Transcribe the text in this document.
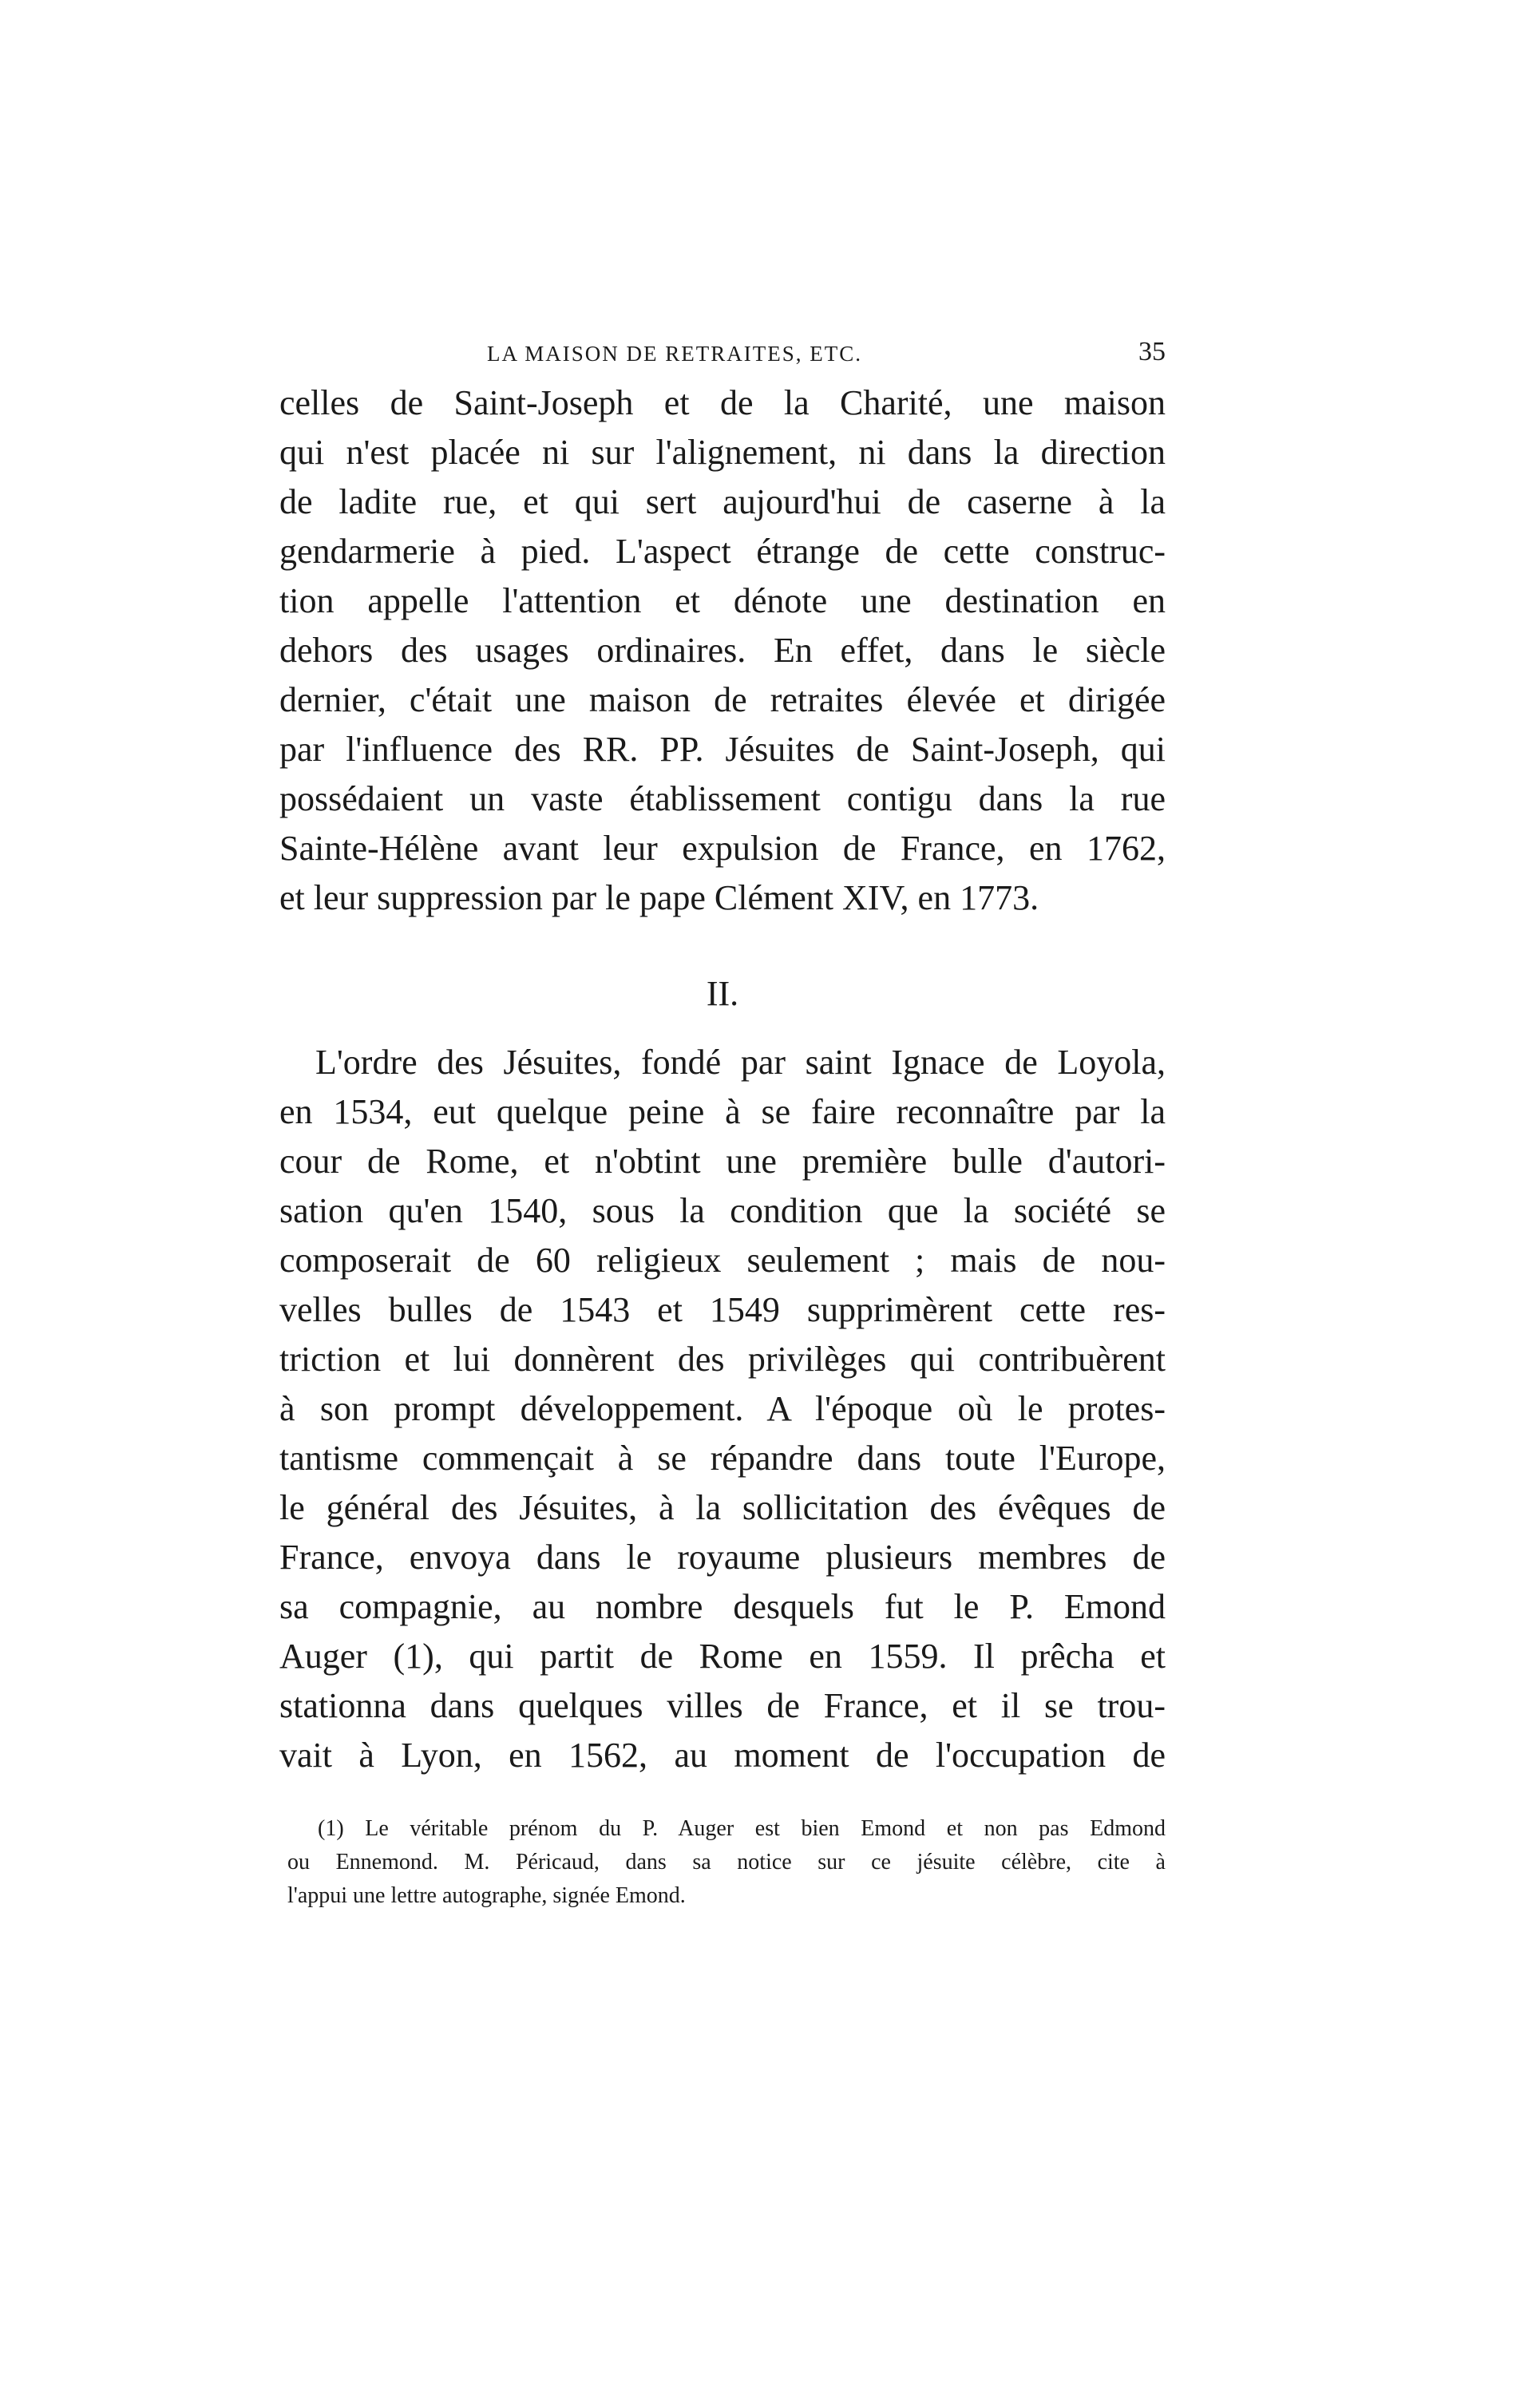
LA MAISON DE RETRAITES, ETC.	35
celles de Saint-Joseph et de la Charité, une maison
qui n'est placée ni sur l'alignement, ni dans la direction
de ladite rue, et qui sert aujourd'hui de caserne à la
gendarmerie à pied. L'aspect étrange de cette construc-
tion appelle l'attention et dénote une destination en
dehors des usages ordinaires. En effet, dans le siècle
dernier, c'était une maison de retraites élevée et dirigée
par l'influence des RR. PP. Jésuites de Saint-Joseph, qui
possédaient un vaste établissement contigu dans la rue
Sainte-Hélène avant leur expulsion de France, en 1762,
et leur suppression par le pape Clément XIV, en 1773.
II.
L'ordre des Jésuites, fondé par saint Ignace de Loyola,
en 1534, eut quelque peine à se faire reconnaître par la
cour de Rome, et n'obtint une première bulle d'autori-
sation qu'en 1540, sous la condition que la société se
composerait de 60 religieux seulement ; mais de nou-
velles bulles de 1543 et 1549 supprimèrent cette res-
triction et lui donnèrent des privilèges qui contribuèrent
à son prompt développement. A l'époque où le protes-
tantisme commençait à se répandre dans toute l'Europe,
le général des Jésuites, à la sollicitation des évêques de
France, envoya dans le royaume plusieurs membres de
sa compagnie, au nombre desquels fut le P. Emond
Auger (1), qui partit de Rome en 1559. Il prêcha et
stationna dans quelques villes de France, et il se trou-
vait à Lyon, en 1562, au moment de l'occupation de
(1) Le véritable prénom du P. Auger est bien Emond et non pas Edmond
ou Ennemond. M. Péricaud, dans sa notice sur ce jésuite célèbre, cite à
l'appui une lettre autographe, signée Emond.
